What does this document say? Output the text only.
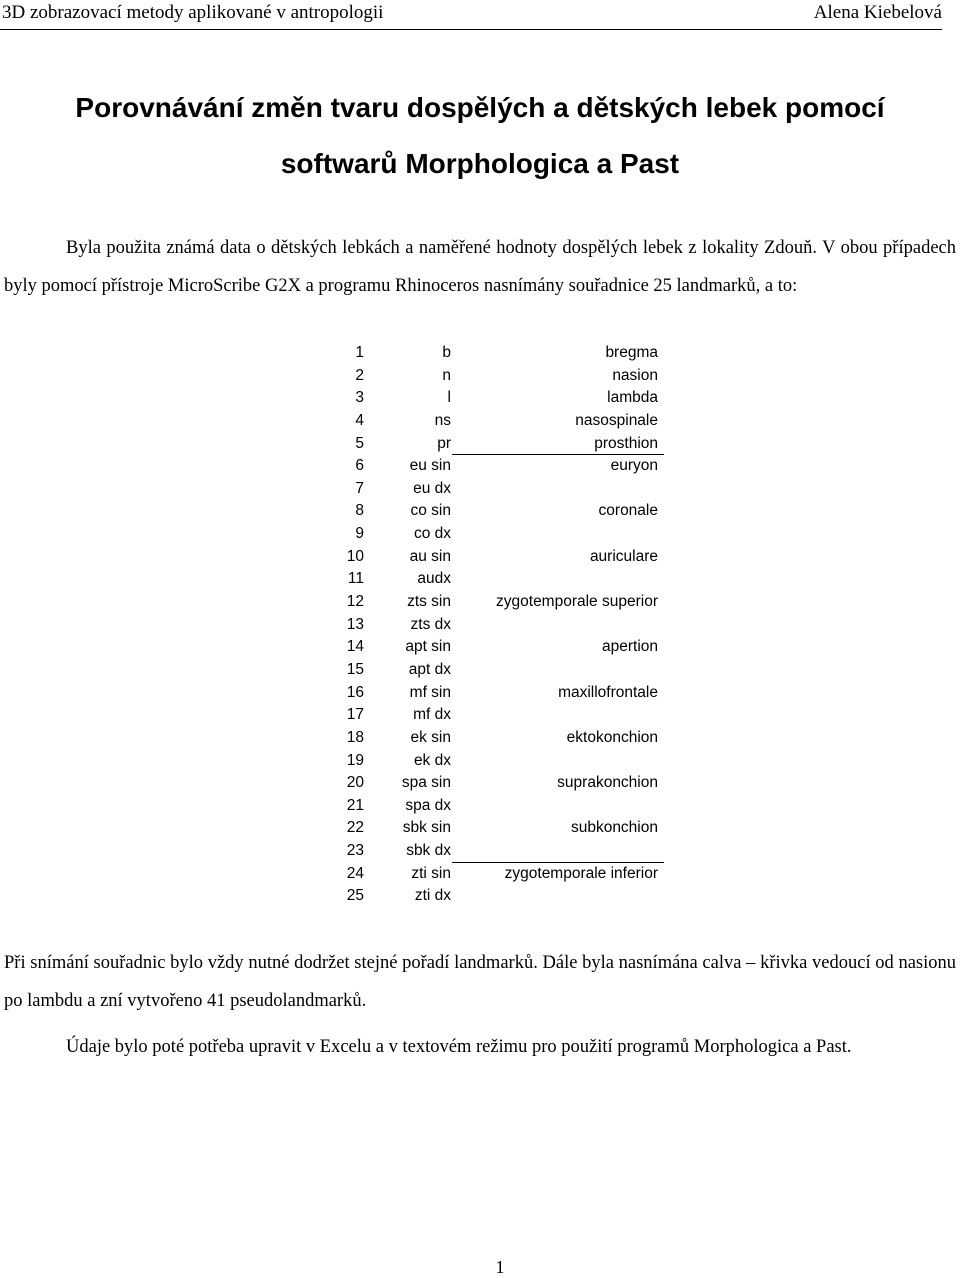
3D zobrazovací metody aplikované v antropologii	Alena Kiebelová
Porovnávání změn tvaru dospělých a dětských lebek pomocí
softwarů Morphologica a Past
Byla použita známá data o dětských lebkách a naměřené hodnoty dospělých lebek z lokality Zdouň. V obou případech byly pomocí přístroje MicroScribe G2X a programu Rhinoceros nasnímány souřadnice 25 landmarků, a to:
1	b	bregma
2	n	nasion
3	l	lambda
4	ns	nasospinale
5	pr	prosthion
6	eu sin	euryon
7	eu dx
8	co sin	coronale
9	co dx
10	au sin	auriculare
11	audx
12	zts sin	zygotemporale superior
13	zts dx
14	apt sin	apertion
15	apt dx
16	mf sin	maxillofrontale
17	mf dx
18	ek sin	ektokonchion
19	ek dx
20 spa sin	suprakonchion
21	spa dx
22	sbk sin	subkonchion
23	sbk dx
24	zti sin	zygotemporale inferior
25	zti dx
Při snímání souřadnic bylo vždy nutné dodržet stejné pořadí landmarků. Dále byla nasnímána calva – křivka vedoucí od nasionu po lambdu a zní vytvořeno 41 pseudolandmarků.
Údaje bylo poté potřeba upravit v Excelu a v textovém režimu pro použití programů Morphologica a Past.
1
